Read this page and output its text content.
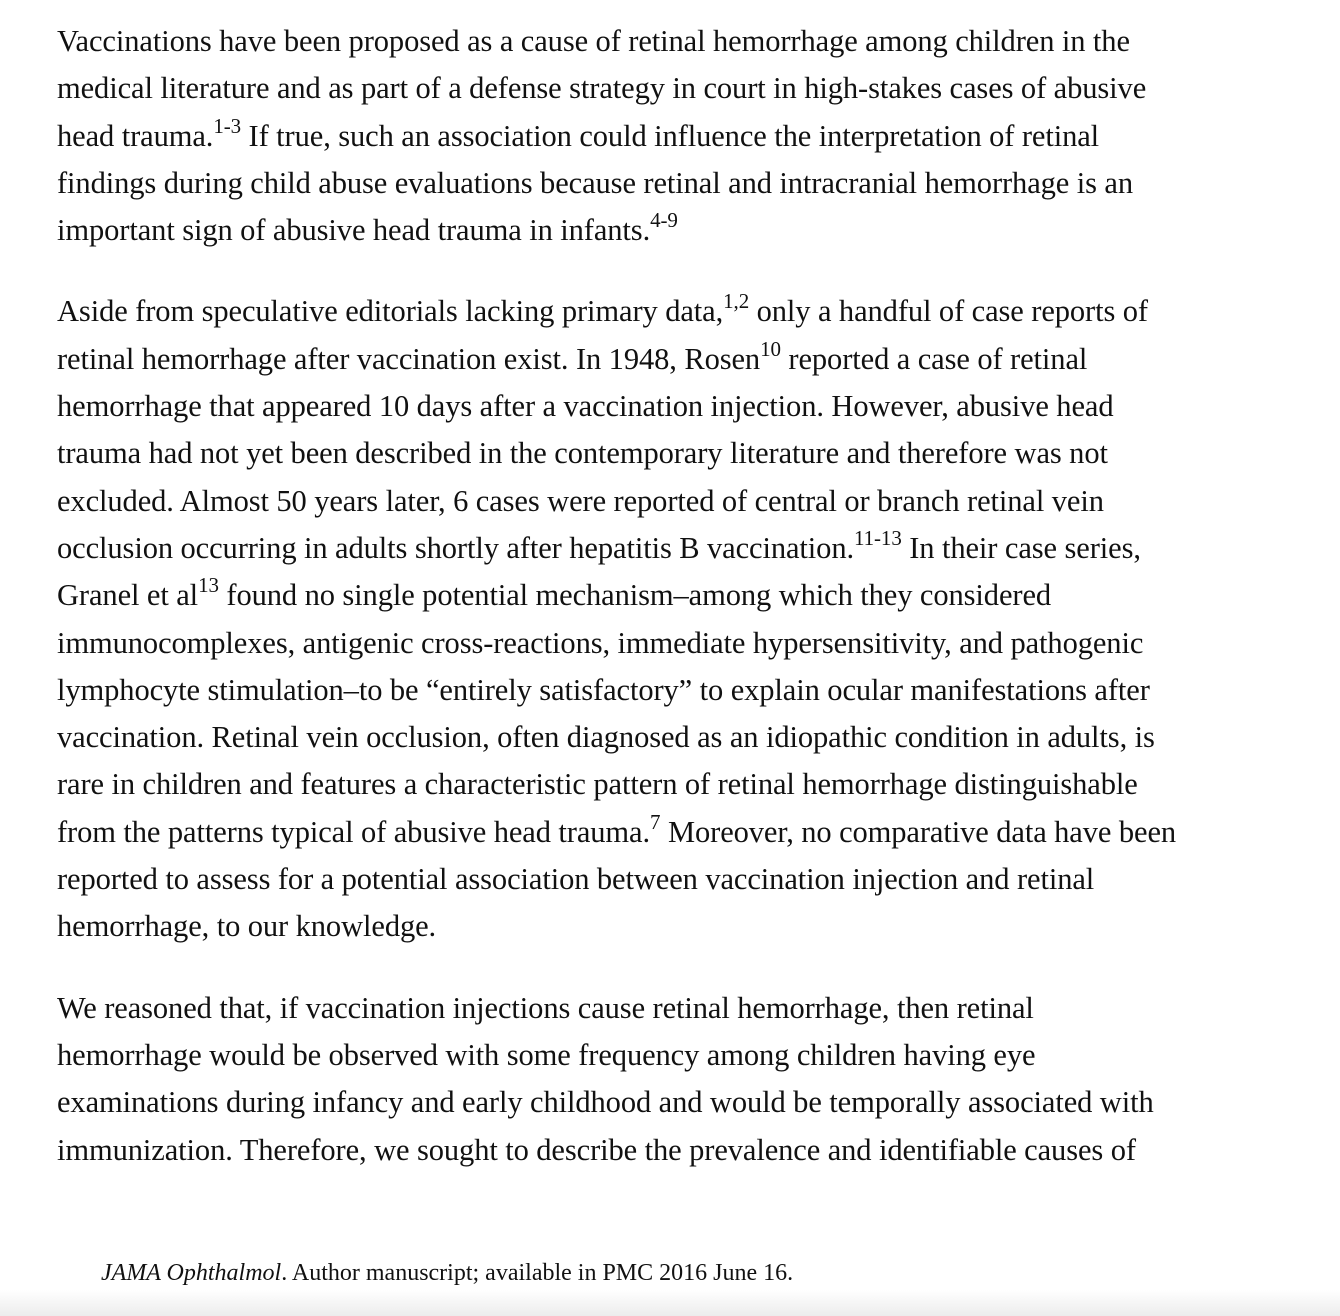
Vaccinations have been proposed as a cause of retinal hemorrhage among children in the
medical literature and as part of a defense strategy in court in high-stakes cases of abusive
head trauma.$^{1-3}$ If true, such an association could influence the interpretation of retinal
findings during child abuse evaluations because retinal and intracranial hemorrhage is an
important sign of abusive head trauma in infants.$^{4-9}$

Aside from speculative editorials lacking primary data,$^{1,2}$ only a handful of case reports of
retinal hemorrhage after vaccination exist. In 1948, Rosen$^{10}$ reported a case of retinal
hemorrhage that appeared 10 days after a vaccination injection. However, abusive head
trauma had not yet been described in the contemporary literature and therefore was not
excluded. Almost 50 years later, 6 cases were reported of central or branch retinal vein
occlusion occurring in adults shortly after hepatitis B vaccination.$^{11-13}$ In their case series,
Granel et $al^{13}$ found no single potential mechanism–among which they considered
immunocomplexes, antigenic cross-reactions, immediate hypersensitivity, and pathogenic
lymphocyte stimulation–to be “entirely satisfactory” to explain ocular manifestations after
vaccination. Retinal vein occlusion, often diagnosed as an idiopathic condition in adults, is
rare in children and features a characteristic pattern of retinal hemorrhage distinguishable
from the patterns typical of abusive head trauma.$^7$ Moreover, no comparative data have been
reported to assess for a potential association between vaccination injection and retinal
hemorrhage, to our knowledge.

We reasoned that, if vaccination injections cause retinal hemorrhage, then retinal
hemorrhage would be observed with some frequency among children having eye
examinations during infancy and early childhood and would be temporally associated with
immunization. Therefore, we sought to describe the prevalence and identifiable causes of

JAMA Ophthalmol. Author manuscript; available in PMC 2016 June 16.
